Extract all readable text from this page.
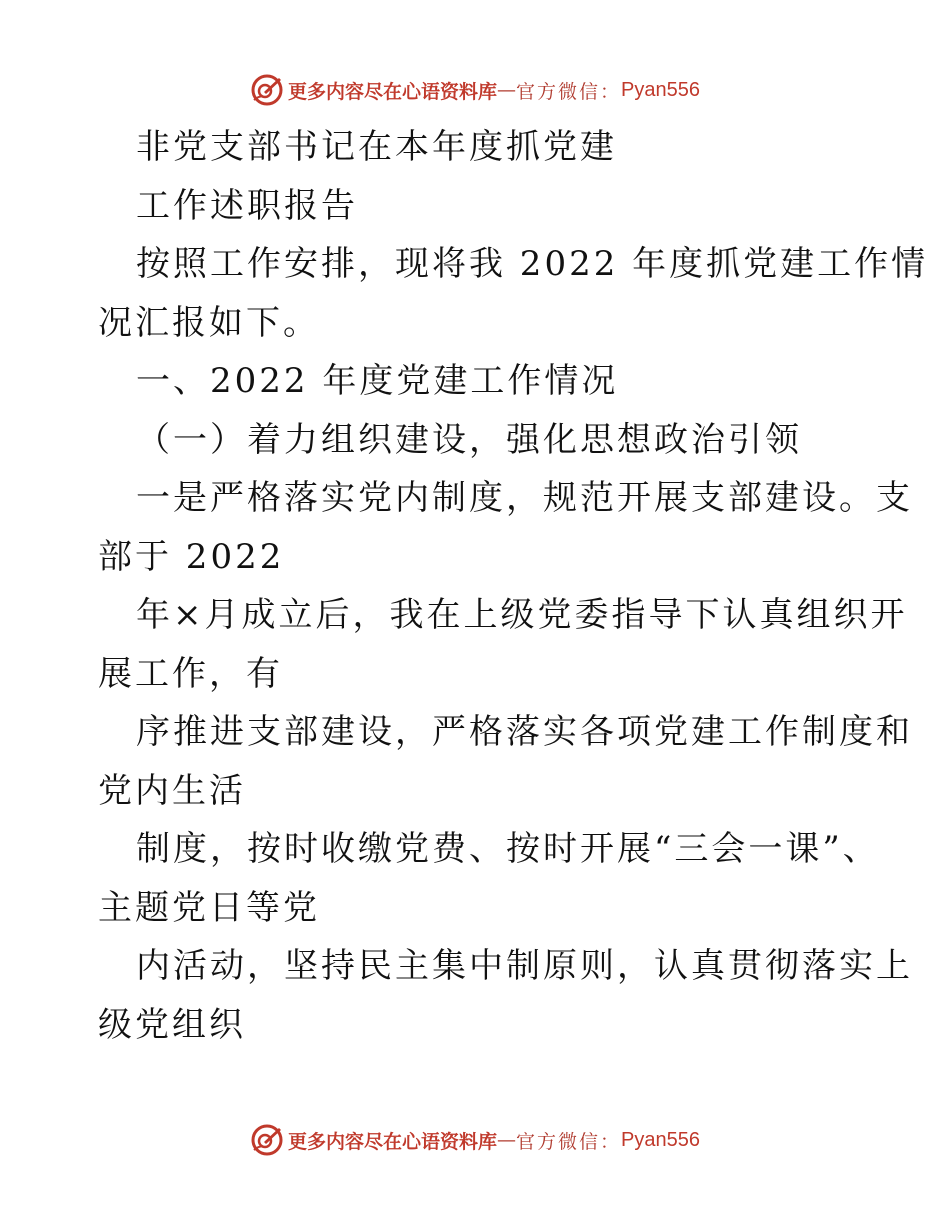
更多内容尽在心语资料库 — 官方微信： Pyan556
非党支部书记在本年度抓党建
工作述职报告
按照工作安排，现将我 2022 年度抓党建工作情
况汇报如下。
一、2022 年度党建工作情况
（一）着力组织建设，强化思想政治引领
一是严格落实党内制度，规范开展支部建设。支
部于 2022
年×月成立后，我在上级党委指导下认真组织开
展工作，有
序推进支部建设，严格落实各项党建工作制度和
党内生活
制度，按时收缴党费、按时开展“三会一课”、
主题党日等党
内活动，坚持民主集中制原则，认真贯彻落实上
级党组织
更多内容尽在心语资料库 — 官方微信： Pyan556
